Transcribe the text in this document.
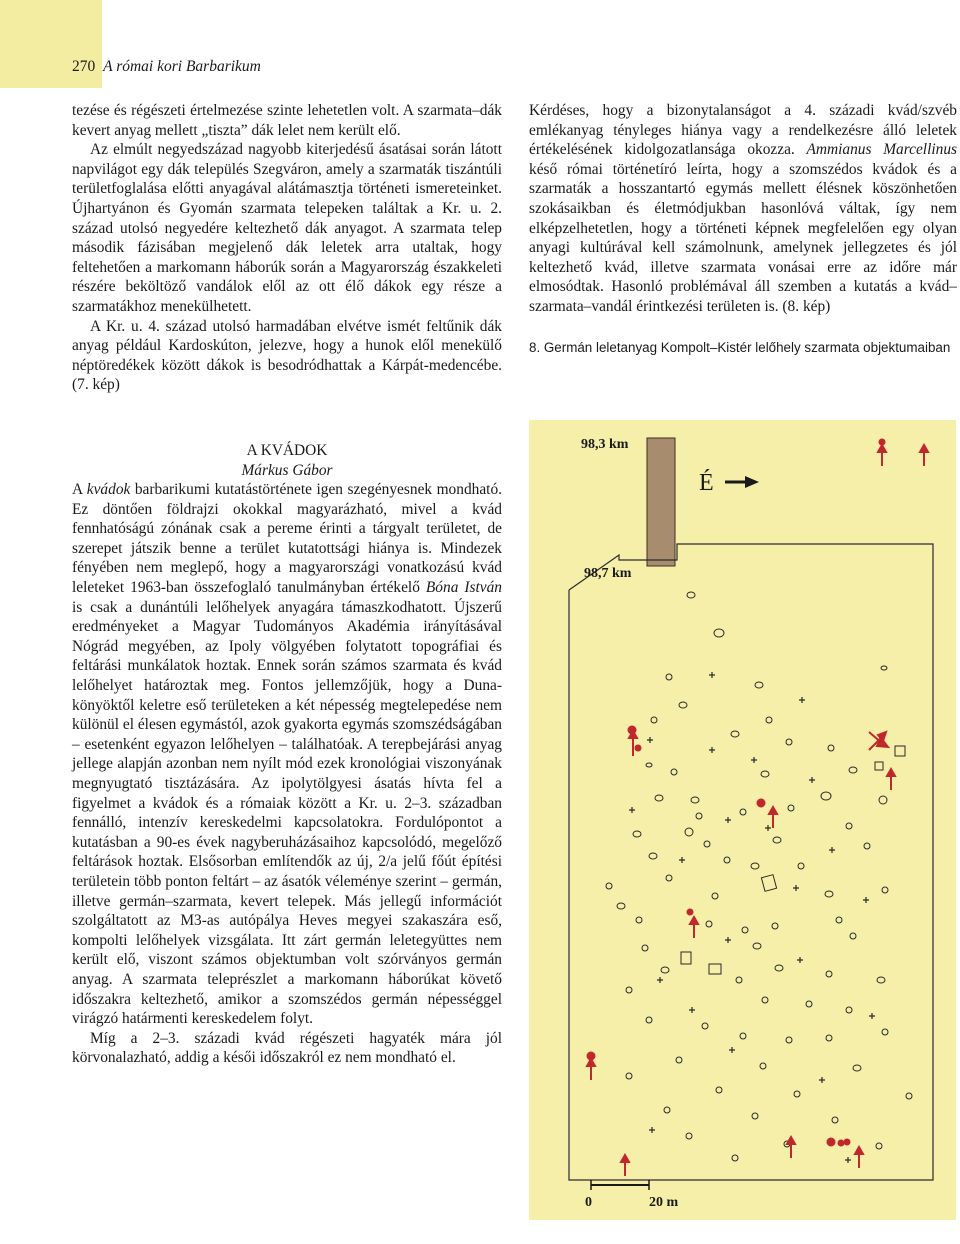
270 A római kori Barbarikum

tezése és régészeti értelmezése szinte lehetetlen volt. A szarmata–dák kevert anyag mellett „tiszta” dák lelet nem került elő.

Az elmúlt negyedszázad nagyobb kiterjedésű ásatásai során látott napvilágot egy dák település Szegváron, amely a szarmaták tiszántúli területfoglalása előtti anyagával alátámasztja történeti ismereteinket. Újhartyánon és Gyomán szarmata telepeken találtak a Kr. u. 2. század utolsó negyedére keltezhető dák anyagot. A szarmata telep második fázisában megjelenő dák leletek arra utaltak, hogy feltehetően a markomann háborúk során a Magyarország északkeleti részére beköltöző vandálok elől az ott élő dákok egy része a szarmatákhoz menekülhetett.

A Kr. u. 4. század utolsó harmadában elvétve ismét feltűnik dák anyag például Kardoskúton, jelezve, hogy a hunok elől menekülő néptöredékek között dákok is besodródhattak a Kárpát-medencébe. (7. kép)

A KVÁDOK
Márkus Gábor

A kvádok barbarikumi kutatástörténete igen szegényesnek mondható. Ez döntően földrajzi okokkal magyarázható, mivel a kvád fennhatóságú zónának csak a pereme érinti a tárgyalt területet, de szerepet játszik benne a terület kutatottsági hiánya is. Mindezek fényében nem meglepő, hogy a magyarországi vonatkozású kvád leleteket 1963-ban összefoglaló tanulmányban értékelő Bóna István is csak a dunántúli lelőhelyek anyagára támaszkodhatott. Újszerű eredményeket a Magyar Tudományos Akadémia irányításával Nógrád megyében, az Ipoly völgyében folytatott topográfiai és feltárási munkálatok hoztak. Ennek során számos szarmata és kvád lelőhelyet határoztak meg. Fontos jellemzőjük, hogy a Duna-könyöktől keletre eső területeken a két népesség megtelepedése nem különül el élesen egymástól, azok gyakorta egymás szomszédságában – esetenként egyazon lelőhelyen – találhatóak. A terepbejárási anyag jellege alapján azonban nem nyílt mód ezek kronológiai viszonyának megnyugtató tisztázására. Az ipolytölgyesi ásatás hívta fel a figyelmet a kvádok és a rómaiak között a Kr. u. 2–3. században fennálló, intenzív kereskedelmi kapcsolatokra. Fordulópontot a kutatásban a 90-es évek nagyberuházásaihoz kapcsolódó, megelőző feltárások hoztak. Elsősorban említendők az új, 2/a jelű főút építési területein több ponton feltárt – az ásatók véleménye szerint – germán, illetve germán–szarmata, kevert telepek. Más jellegű információt szolgáltatott az M3-as autópálya Heves megyei szakaszára eső, kompolti lelőhelyek vizsgálata. Itt zárt germán leletegyüttes nem került elő, viszont számos objektumban volt szórványos germán anyag. A szarmata teleprészlet a markomann háborúkat követő időszakra keltezhető, amikor a szomszédos germán népességgel virágzó határmenti kereskedelem folyt.

Míg a 2–3. századi kvád régészeti hagyaték mára jól körvonalazható, addig a késői időszakról ez nem mondható el.

Kérdéses, hogy a bizonytalanságot a 4. századi kvád/szvéb emlékanyag tényleges hiánya vagy a rendelkezésre álló leletek értékelésének kidolgozatlansága okozza. Ammianus Marcellinus késő római történetíró leírta, hogy a szomszédos kvádok és a szarmaták a hosszantartó egymás mellett élésnek köszönhetően szokásaikban és életmódjukban hasonlóvá váltak, így nem elképzelhetetlen, hogy a történeti képnek megfelelően egy olyan anyagi kultúrával kell számolnunk, amelynek jellegzetes és jól keltezhető kvád, illetve szarmata vonásai erre az időre már elmosódtak. Hasonló problémával áll szemben a kutatás a kvád–szarmata–vandál érintkezési területen is. (8. kép)

8. Germán leletanyag Kompolt–Kistér lelőhely szarmata objektumaiban
98,3 km
98,7 km
É
0	20 m
